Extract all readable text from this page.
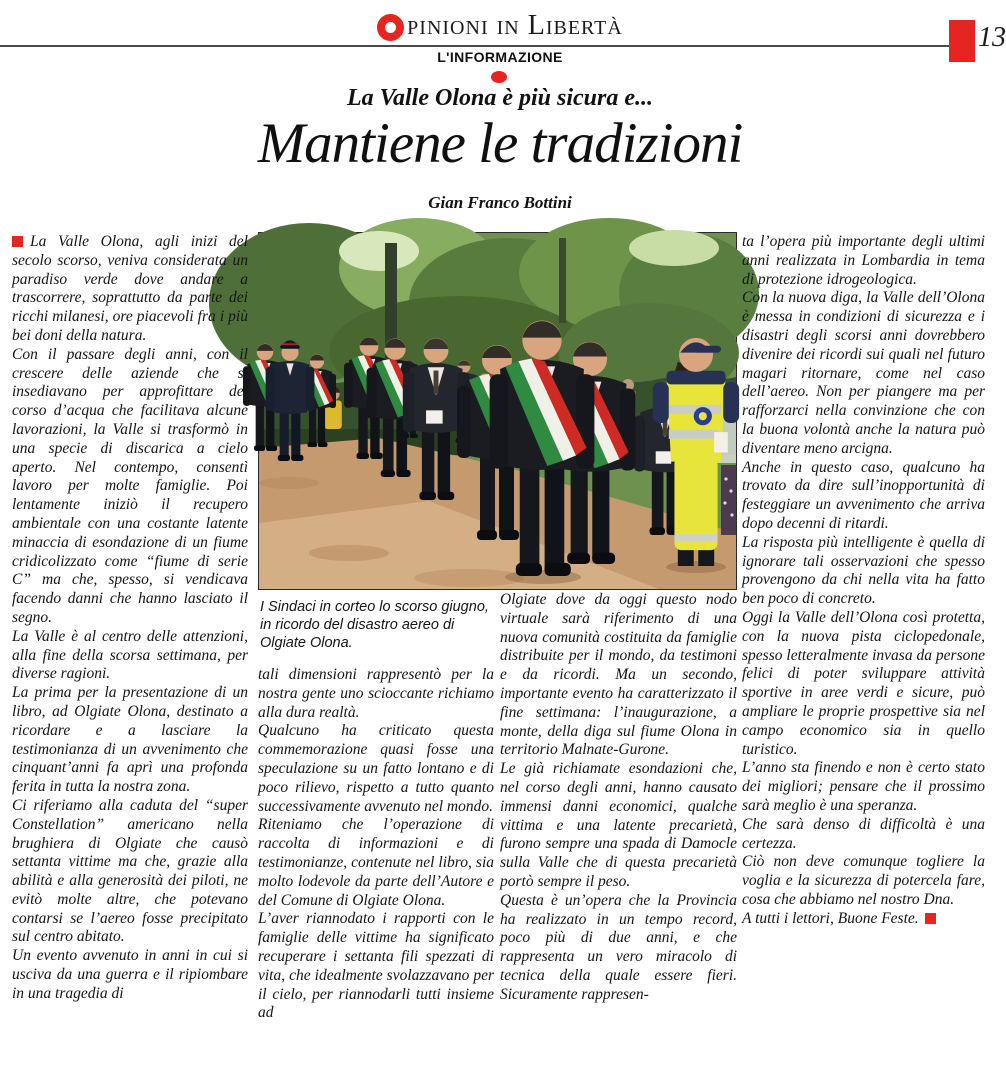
pinioni in Libertà	13
L'INFORMAZIONE
La Valle Olona è più sicura e...
Mantiene le tradizioni
Gian Franco Bottini
I Sindaci in corteo lo scorso giugno, in ricordo del disastro aereo di Olgiate Olona.

La Valle Olona, agli inizi del secolo scorso, veniva considerata un paradiso verde dove andare a trascorrere, soprattutto da parte dei ricchi milanesi, ore piacevoli fra i più bei doni della natura.

Con il passare degli anni, con il crescere delle aziende che si insediavano per approfittare del corso d’acqua che facilitava alcune lavorazioni, la Valle si trasformò in una specie di discarica a cielo aperto. Nel contempo, consentì lavoro per molte famiglie. Poi lentamente iniziò il recupero ambientale con una costante latente minaccia di esondazione di un fiume cridicolizzato come “fiume di serie C” ma che, spesso, si vendicava facendo danni che hanno lasciato il segno.

La Valle è al centro delle attenzioni, alla fine della scorsa settimana, per diverse ragioni.

La prima per la presentazione di un libro, ad Olgiate Olona, destinato a ricordare e a lasciare la testimonianza di un avvenimento che cinquant’anni fa aprì una profonda ferita in tutta la nostra zona.

Ci riferiamo alla caduta del “super Constellation” americano nella brughiera di Olgiate che causò settanta vittime ma che, grazie alla abilità e alla generosità dei piloti, ne evitò molte altre, che potevano contarsi se l’aereo fosse precipitato sul centro abitato.

Un evento avvenuto in anni in cui si usciva da una guerra e il ripiombare in una tragedia di

tali dimensioni rappresentò per la nostra gente uno scioccante richiamo alla dura realtà.

Qualcuno ha criticato questa commemorazione quasi fosse una speculazione su un fatto lontano e di poco rilievo, rispetto a tutto quanto successivamente avvenuto nel mondo.

Riteniamo che l’operazione di raccolta di informazioni e di testimonianze, contenute nel libro, sia molto lodevole da parte dell’Autore e del Comune di Olgiate Olona.

L’aver riannodato i rapporti con le famiglie delle vittime ha significato recuperare i settanta fili spezzati di vita, che idealmente svolazzavano per il cielo, per riannodarli tutti insieme ad

Olgiate dove da oggi questo nodo virtuale sarà riferimento di una nuova comunità costituita da famiglie distribuite per il mondo, da testimoni e da ricordi. Ma un secondo, importante evento ha caratterizzato il fine settimana: l’inaugurazione, a monte, della diga sul fiume Olona in territorio Malnate-Gurone.

Le già richiamate esondazioni che, nel corso degli anni, hanno causato immensi danni economici, qualche vittima e una latente precarietà, furono sempre una spada di Damocle sulla Valle che di questa precarietà portò sempre il peso.

Questa è un’opera che la Provincia ha realizzato in un tempo record, poco più di due anni, e che rappresenta un vero miracolo di tecnica della quale essere fieri. Sicuramente rappresen-

ta l’opera più importante degli ultimi anni realizzata in Lombardia in tema di protezione idrogeologica.

Con la nuova diga, la Valle dell’Olona è messa in condizioni di sicurezza e i disastri degli scorsi anni dovrebbero divenire dei ricordi sui quali nel futuro magari ritornare, come nel caso dell’aereo. Non per piangere ma per rafforzarci nella convinzione che con la buona volontà anche la natura può diventare meno arcigna.

Anche in questo caso, qualcuno ha trovato da dire sull’inopportunità di festeggiare un avvenimento che arriva dopo decenni di ritardi.

La risposta più intelligente è quella di ignorare tali osservazioni che spesso provengono da chi nella vita ha fatto ben poco di concreto.

Oggi la Valle dell’Olona così protetta, con la nuova pista ciclopedonale, spesso letteralmente invasa da persone felici di poter sviluppare attività sportive in aree verdi e sicure, può ampliare le proprie prospettive sia nel campo economico sia in quello turistico.

L’anno sta finendo e non è certo stato dei migliori; pensare che il prossimo sarà meglio è una speranza.

Che sarà denso di difficoltà è una certezza.

Ciò non deve comunque togliere la voglia e la sicurezza di potercela fare, cosa che abbiamo nel nostro Dna.

A tutti i lettori, Buone Feste.
